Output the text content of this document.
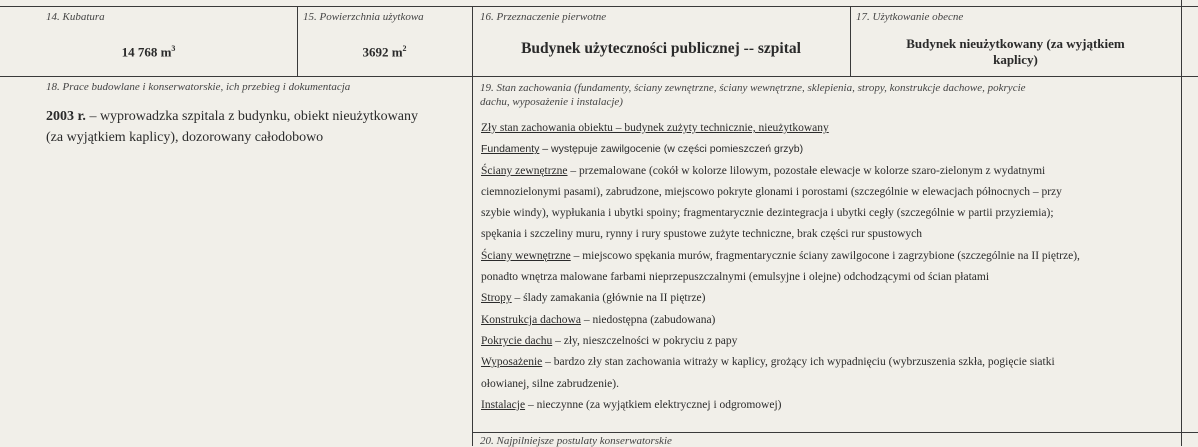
14. Kubatura
14 768 $m^3$
15. Powierzchnia użytkowa
3692 $m^2$
16. Przeznaczenie pierwotne
Budynek użyteczności publicznej -- szpital
17. Użytkowanie obecne
Budynek nieużytkowany (za wyjątkiem
kaplicy)
18. Prace budowlane i konserwatorskie, ich przebieg i dokumentacja
2003 r. – wyprowadzka szpitala z budynku, obiekt nieużytkowany
(za wyjątkiem kaplicy), dozorowany całodobowo
19. Stan zachowania (fundamenty, ściany zewnętrzne, ściany wewnętrzne, sklepienia, stropy, konstrukcje dachowe, pokrycie
dachu, wyposażenie i instalacje)
Zły stan zachowania obiektu – budynek zużyty technicznie, nieużytkowany
Fundamenty – występuje zawilgocenie (w części pomieszczeń grzyb)
Ściany zewnętrzne – przemalowane (cokół w kolorze lilowym, pozostałe elewacje w kolorze szaro-zielonym z wydatnymi
ciemnozielonymi pasami), zabrudzone, miejscowo pokryte glonami i porostami (szczególnie w elewacjach północnych – przy
szybie windy), wypłukania i ubytki spoiny; fragmentarycznie dezintegracja i ubytki cegły (szczególnie w partii przyziemia);
spękania i szczeliny muru, rynny i rury spustowe zużyte techniczne, brak części rur spustowych
Ściany wewnętrzne – miejscowo spękania murów, fragmentarycznie ściany zawilgocone i zagrzybione (szczególnie na II piętrze),
ponadto wnętrza malowane farbami nieprzepuszczalnymi (emulsyjne i olejne) odchodzącymi od ścian płatami
Stropy – ślady zamakania (głównie na II piętrze)
Konstrukcja dachowa – niedostępna (zabudowana)
Pokrycie dachu – zły, nieszczelności w pokryciu z papy
Wyposażenie – bardzo zły stan zachowania witraży w kaplicy, grożący ich wypadnięciu (wybrzuszenia szkła, pogięcie siatki
ołowianej, silne zabrudzenie).
Instalacje – nieczynne (za wyjątkiem elektrycznej i odgromowej)
20. Najpilniejsze postulaty konserwatorskie
